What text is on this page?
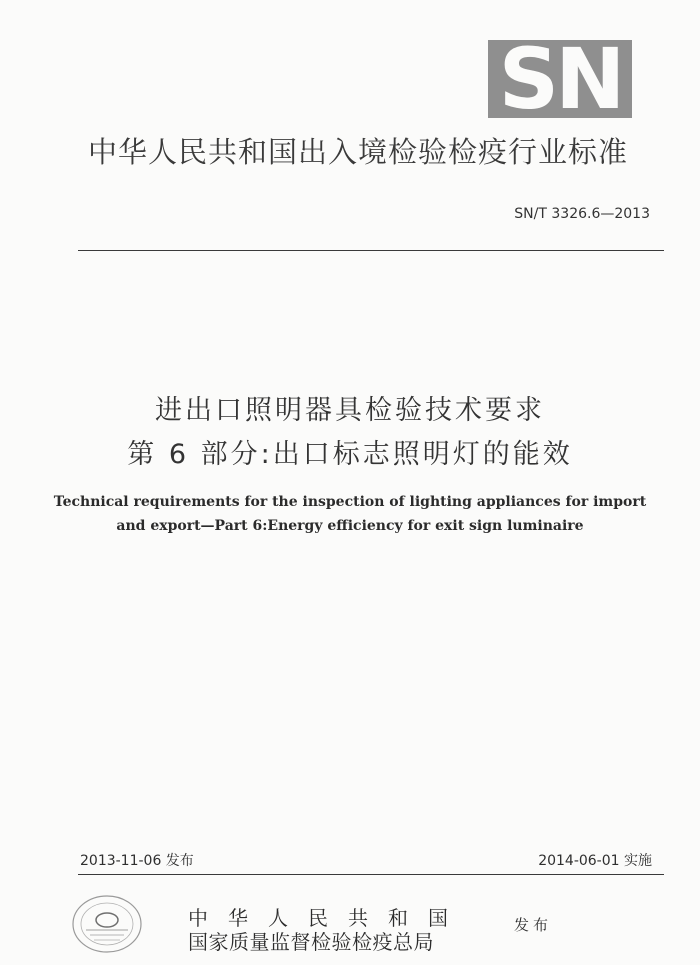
SN
中华人民共和国出入境检验检疫行业标准
SN/T 3326.6—2013
进出口照明器具检验技术要求
第 6 部分:出口标志照明灯的能效
Technical requirements for the inspection of lighting appliances for import
and export—Part 6:Energy efficiency for exit sign luminaire
2013-11-06 发布	2014-06-01 实施
中华人民共和国
国家质量监督检验检疫总局
发布
